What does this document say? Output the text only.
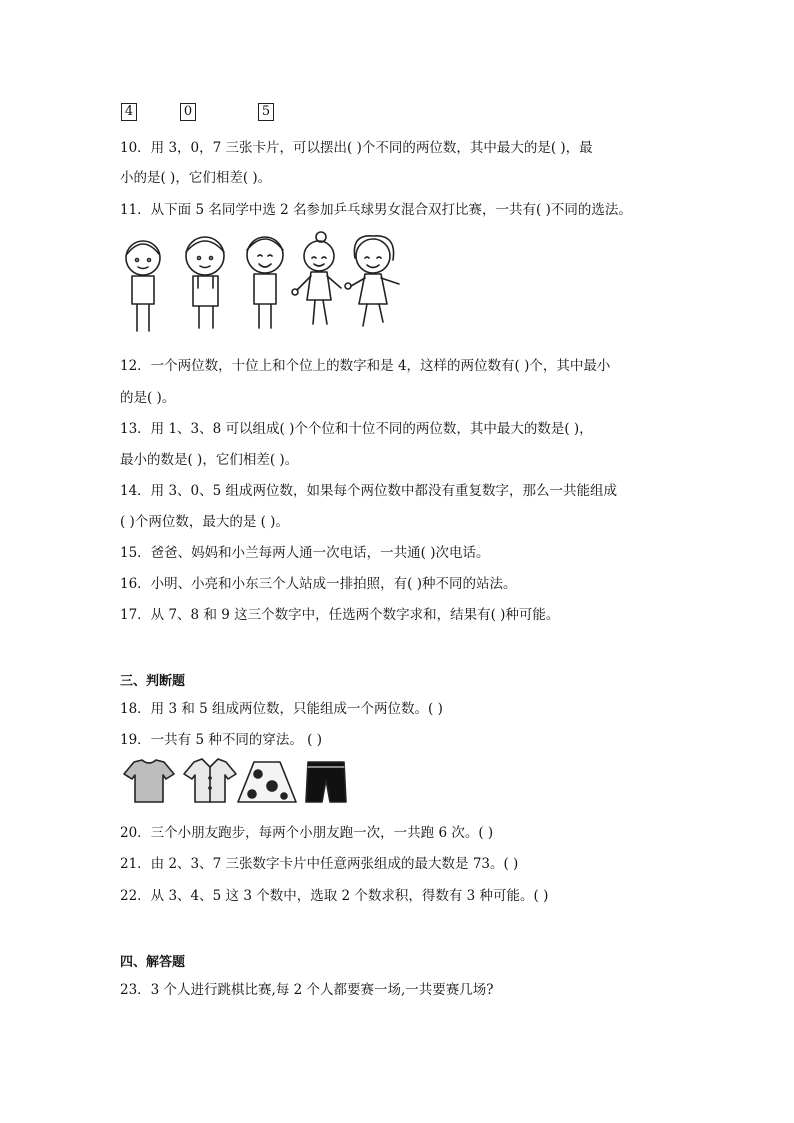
4	0	5
10．用 3，0，7 三张卡片，可以摆出( )个不同的两位数，其中最大的是( )，最
小的是( )，它们相差( )。
11．从下面 5 名同学中选 2 名参加乒乓球男女混合双打比赛，一共有( )不同的选法。
12．一个两位数，十位上和个位上的数字和是 4，这样的两位数有( )个，其中最小
的是( )。
13．用 1、3、8 可以组成( )个个位和十位不同的两位数，其中最大的数是( )，
最小的数是( )，它们相差( )。
14．用 3、0、5 组成两位数，如果每个两位数中都没有重复数字，那么一共能组成
( )个两位数，最大的是 ( )。
15．爸爸、妈妈和小兰每两人通一次电话，一共通( )次电话。
16．小明、小亮和小东三个人站成一排拍照，有( )种不同的站法。
17．从 7、8 和 9 这三个数字中，任选两个数字求和，结果有( )种可能。
三、判断题
18．用 3 和 5 组成两位数，只能组成一个两位数。( )
19．一共有 5 种不同的穿法。 ( )
20．三个小朋友跑步，每两个小朋友跑一次，一共跑 6 次。( )
21．由 2、3、7 三张数字卡片中任意两张组成的最大数是 73。( )
22．从 3、4、5 这 3 个数中，选取 2 个数求积，得数有 3 种可能。( )
四、解答题
23．3 个人进行跳棋比赛,每 2 个人都要赛一场,一共要赛几场?
